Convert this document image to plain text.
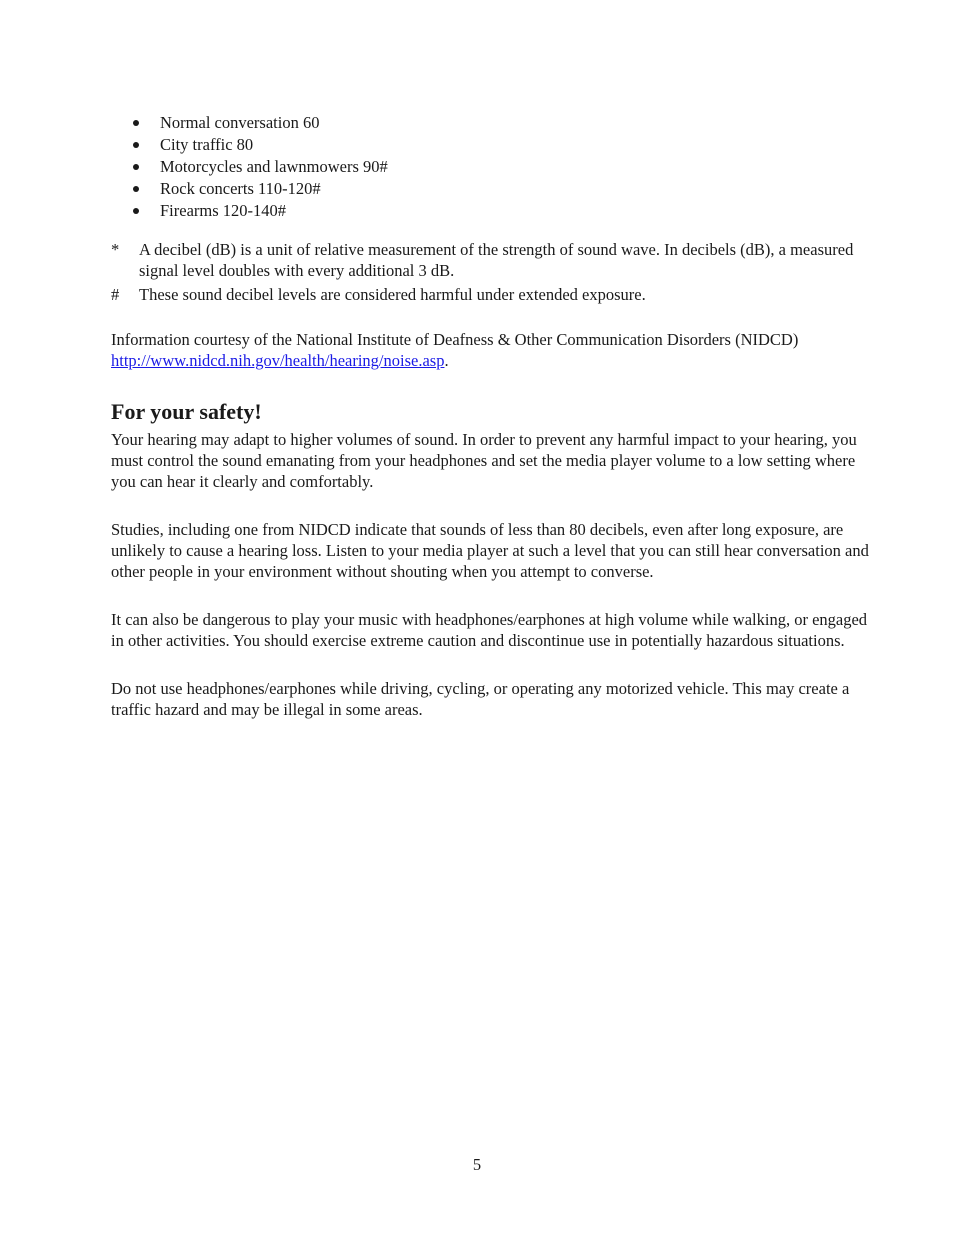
Normal conversation 60
City traffic 80
Motorcycles and lawnmowers 90#
Rock concerts 110-120#
Firearms 120-140#
* A decibel (dB) is a unit of relative measurement of the strength of sound wave. In decibels (dB), a measured signal level doubles with every additional 3 dB.
# These sound decibel levels are considered harmful under extended exposure.
Information courtesy of the National Institute of Deafness & Other Communication Disorders (NIDCD) http://www.nidcd.nih.gov/health/hearing/noise.asp.
For your safety!

Your hearing may adapt to higher volumes of sound. In order to prevent any harmful impact to your hearing, you must control the sound emanating from your headphones and set the media player volume to a low setting where you can hear it clearly and comfortably.

Studies, including one from NIDCD indicate that sounds of less than 80 decibels, even after long exposure, are unlikely to cause a hearing loss. Listen to your media player at such a level that you can still hear conversation and other people in your environment without shouting when you attempt to converse.

It can also be dangerous to play your music with headphones/earphones at high volume while walking, or engaged in other activities. You should exercise extreme caution and discontinue use in potentially hazardous situations.

Do not use headphones/earphones while driving, cycling, or operating any motorized vehicle. This may create a traffic hazard and may be illegal in some areas.

5
